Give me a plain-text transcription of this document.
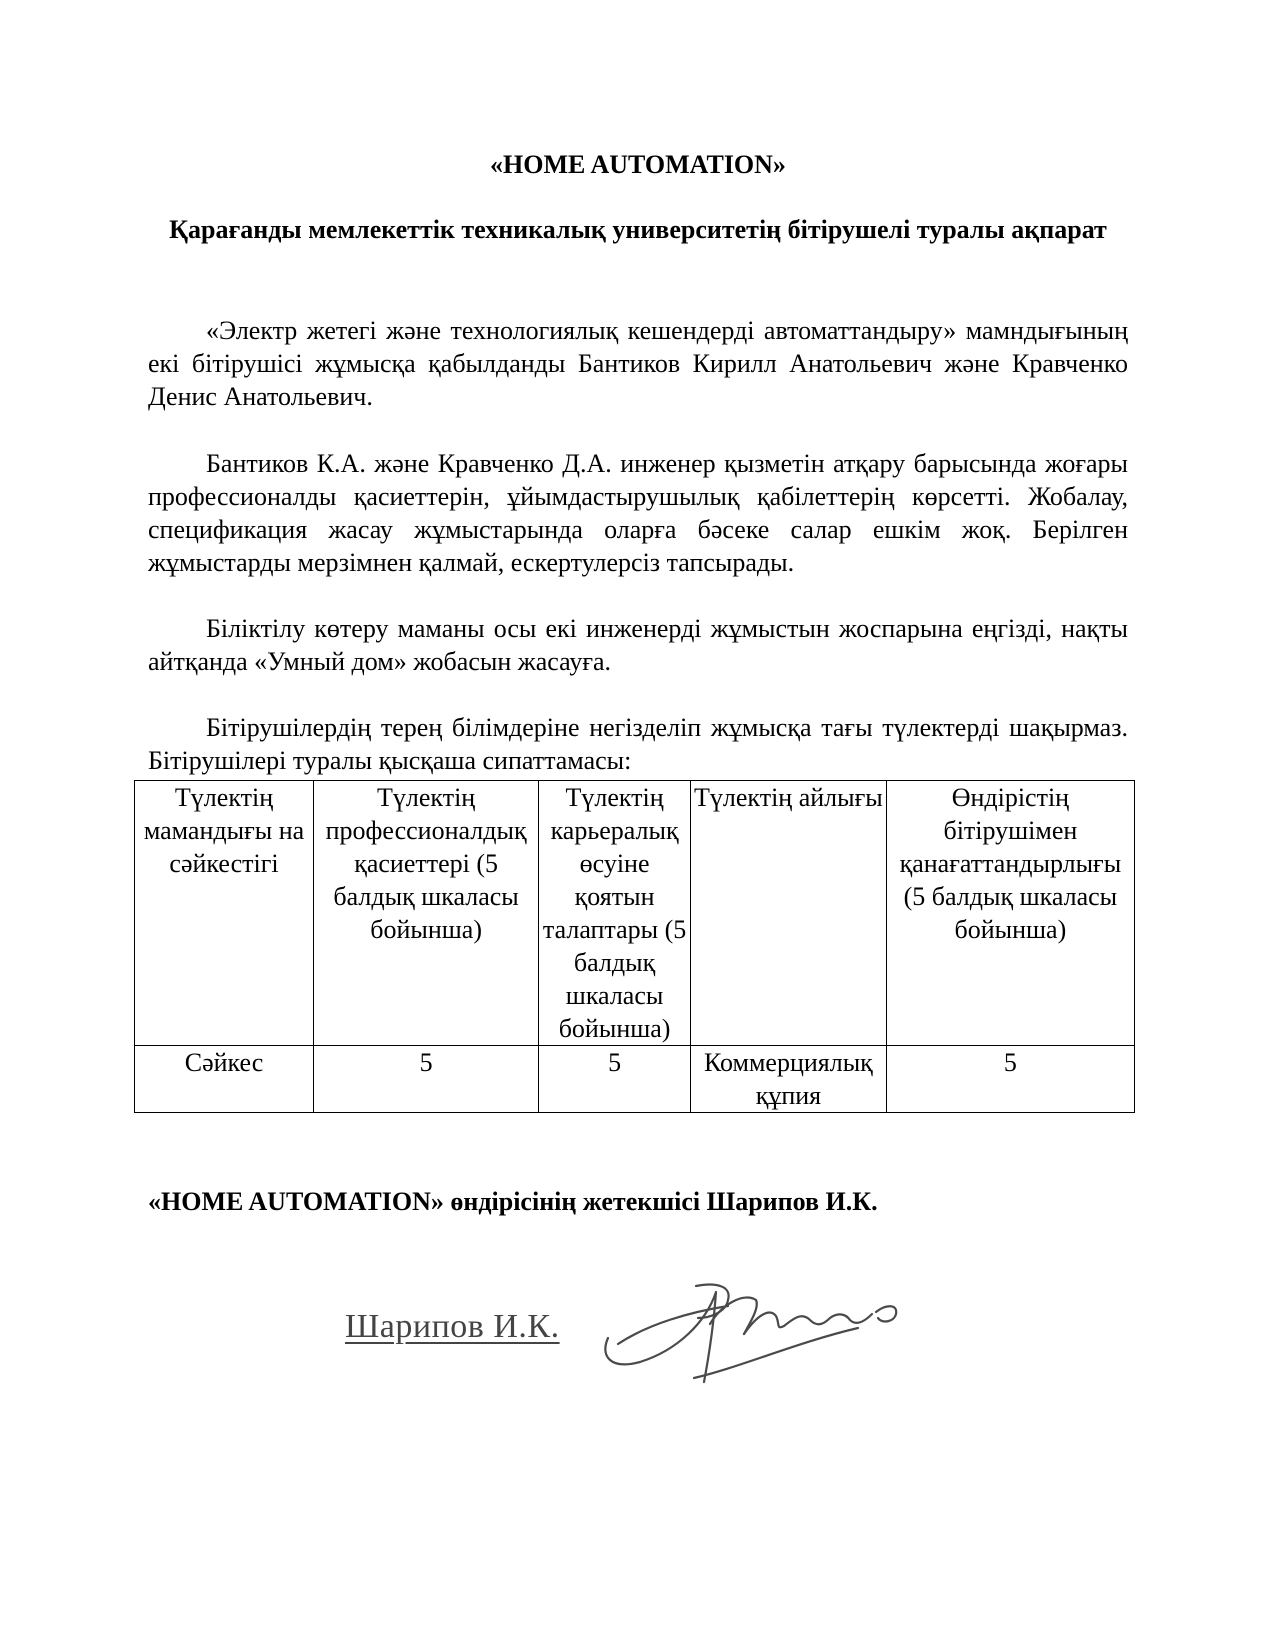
«HOME AUTOMATION»
Қарағанды мемлекеттік техникалық университетің бітірушелі туралы ақпарат

«Электр жетегі және технологиялық кешендерді автоматтандыру» мамндығының екі бітірушісі жұмысқа қабылданды Бантиков Кирилл Анатольевич және Кравченко Денис Анатольевич.

Бантиков К.А. және Кравченко Д.А. инженер қызметін атқару барысында жоғары профессионалды қасиеттерін, ұйымдастырушылық қабілеттерің көрсетті. Жобалау, спецификация жасау жұмыстарында оларға бәсеке салар ешкім жоқ. Берілген жұмыстарды мерзімнен қалмай, ескертулерсіз тапсырады.

Біліктілу көтеру маманы осы екі инженерді жұмыстын жоспарына еңгізді, нақты айтқанда «Умный дом» жобасын жасауға.

Бітірушілердің терең білімдеріне негізделіп жұмысқа тағы түлектерді шақырмаз. Бітірушілері туралы қысқаша сипаттамасы:

Түлектің мамандығы на сәйкестігі	Түлектің профессионалдық қасиеттері (5 балдық шкаласы бойынша)	Түлектің карьералық өсуіне қоятын талаптары (5 балдық шкаласы бойынша)	Түлектің айлығы	Өндірістің бітірушімен қанағаттандырлығы (5 балдық шкаласы бойынша)
Сәйкес	5	5	Коммерциялық құпия	5

«HOME AUTOMATION» өндірісінің жетекшісі Шарипов И.К.

Шарипов И.К.
